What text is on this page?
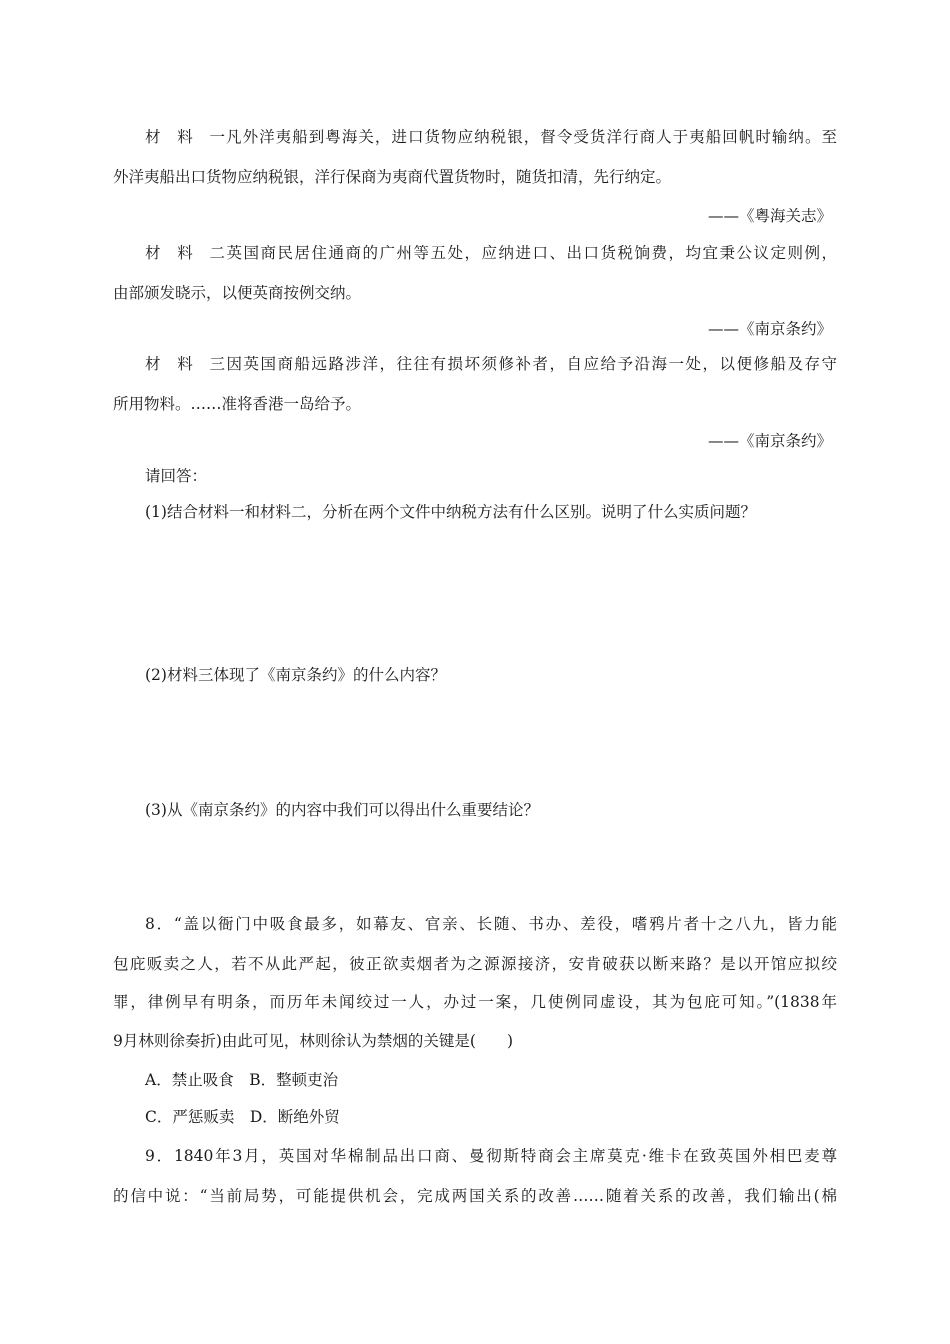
材料一凡外洋夷船到粤海关，进口货物应纳税银，督令受货洋行商人于夷船回帆时输纳。至
外洋夷船出口货物应纳税银，洋行保商为夷商代置货物时，随货扣清，先行纳定。
——《粤海关志》
材料二英国商民居住通商的广州等五处，应纳进口、出口货税饷费，均宜秉公议定则例，
由部颁发晓示，以便英商按例交纳。
——《南京条约》
材料三因英国商船远路涉洋，往往有损坏须修补者，自应给予沿海一处，以便修船及存守
所用物料。……准将香港一岛给予。
——《南京条约》
请回答：
(1)结合材料一和材料二，分析在两个文件中纳税方法有什么区别。说明了什么实质问题？
(2)材料三体现了《南京条约》的什么内容？
(3)从《南京条约》的内容中我们可以得出什么重要结论？
8．“盖以衙门中吸食最多，如幕友、官亲、长随、书办、差役，嗜鸦片者十之八九，皆力能
包庇贩卖之人，若不从此严起，彼正欲卖烟者为之源源接济，安肯破获以断来路？是以开馆应拟绞
罪，律例早有明条，而历年未闻绞过一人，办过一案，几使例同虚设，其为包庇可知。”(1838年
9月林则徐奏折)由此可见，林则徐认为禁烟的关键是(　　)
A．禁止吸食　B．整顿吏治
C．严惩贩卖　D．断绝外贸
9．1840年3月，英国对华棉制品出口商、曼彻斯特商会主席莫克·维卡在致英国外相巴麦尊
的信中说：“当前局势，可能提供机会，完成两国关系的改善……随着关系的改善，我们输出(棉
